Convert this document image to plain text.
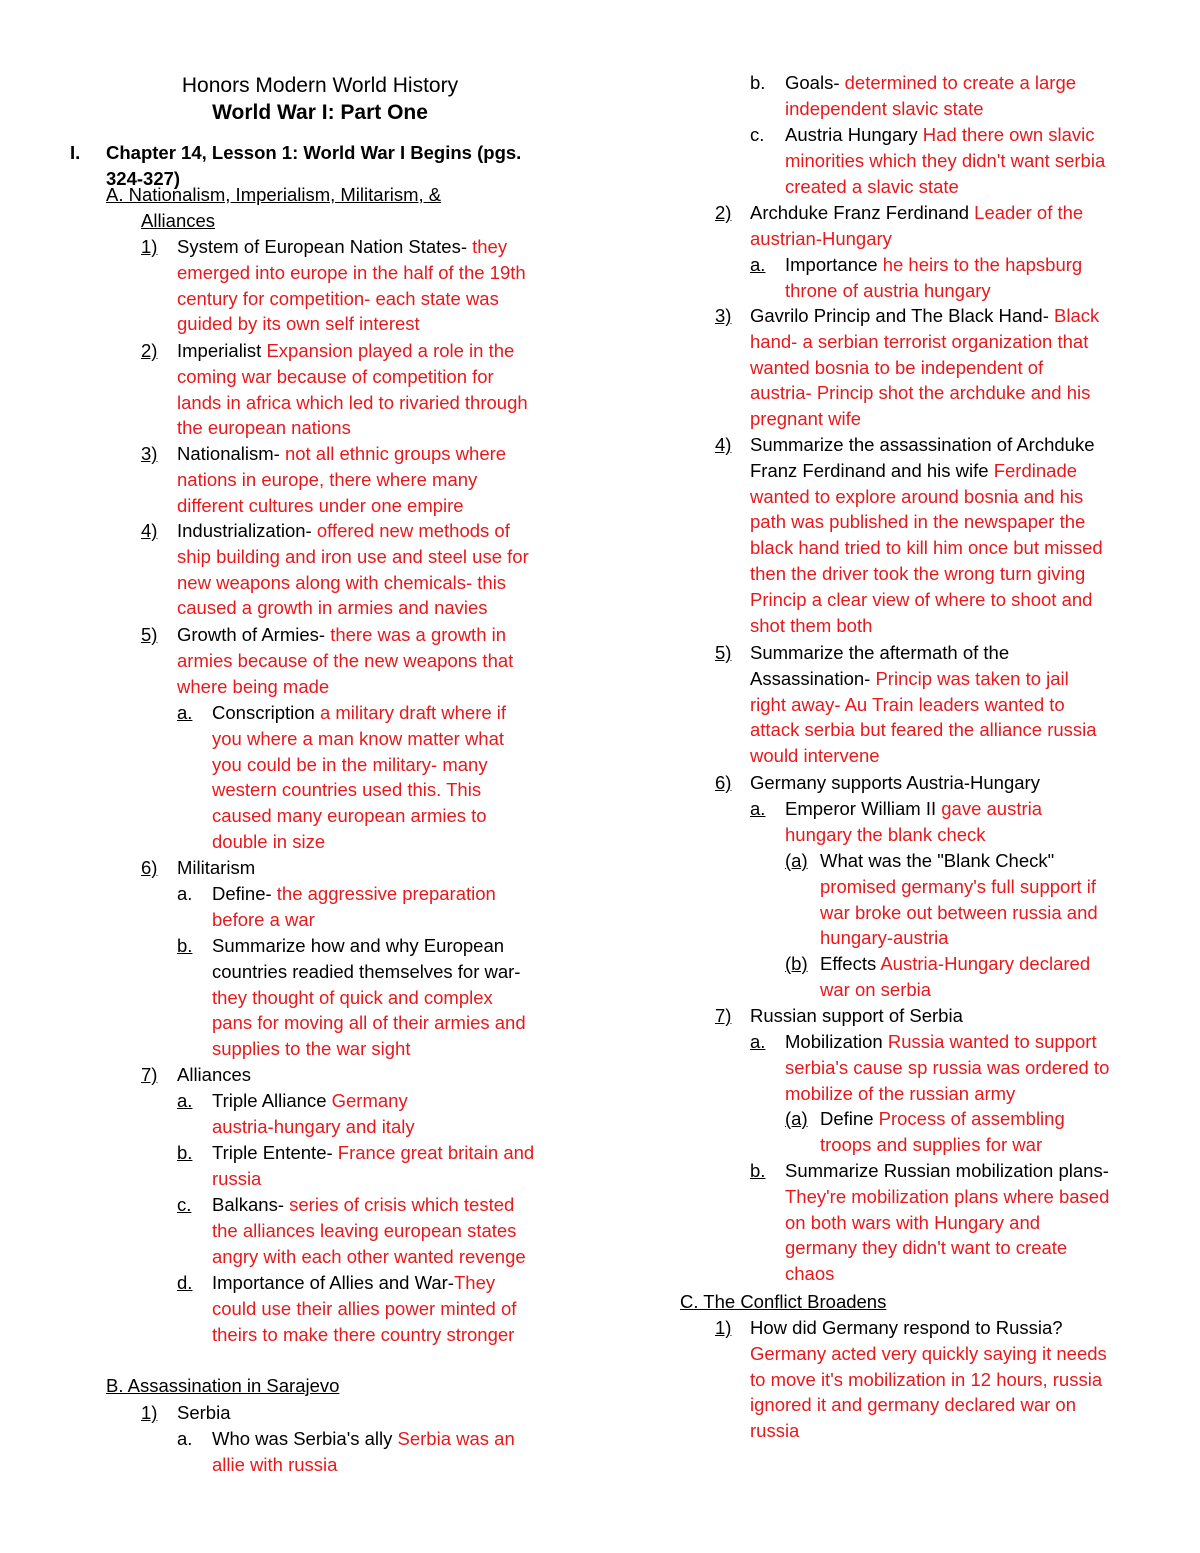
Honors Modern World History
World War I: Part One
I. Chapter 14, Lesson 1: World War I Begins (pgs.
324-327)
A. Nationalism, Imperialism, Militarism, &
Alliances
B. Assassination in Sarajevo
C. The Conflict Broadens
1)	System of European Nation States- they
emerged into europe in the half of the 19th
century for competition- each state was
guided by its own self interest
2)	Imperialist Expansion played a role in the
coming war because of competition for
lands in africa which led to rivaried through
the european nations
3)	Nationalism- not all ethnic groups where
nations in europe, there where many
different cultures under one empire
4)	Industrialization- offered new methods of
ship building and iron use and steel use for
new weapons along with chemicals- this
caused a growth in armies and navies
5)	Growth of Armies- there was a growth in
armies because of the new weapons that
where being made
a.	Conscription a military draft where if
you where a man know matter what
you could be in the military- many
western countries used this. This
caused many european armies to
double in size
6)	Militarism
a.	Define- the aggressive preparation
before a war
b.	Summarize how and why European
countries readied themselves for war-
they thought of quick and complex
pans for moving all of their armies and
supplies to the war sight
7)	Alliances
a.	Triple Alliance Germany
austria-hungary and italy
b.	Triple Entente- France great britain and
russia
c.	Balkans- series of crisis which tested
the alliances leaving european states
angry with each other wanted revenge
d.	Importance of Allies and War-They
could use their allies power minted of
theirs to make there country stronger
1)	Serbia
a.	Who was Serbia's ally Serbia was an
allie with russia
b.	Goals- determined to create a large
independent slavic state
c.	Austria Hungary Had there own slavic
minorities which they didn't want serbia
created a slavic state
2)	Archduke Franz Ferdinand Leader of the
austrian-Hungary
a.	Importance he heirs to the hapsburg
throne of austria hungary
3)	Gavrilo Princip and The Black Hand- Black
hand- a serbian terrorist organization that
wanted bosnia to be independent of
austria- Princip shot the archduke and his
pregnant wife
4)	Summarize the assassination of Archduke
Franz Ferdinand and his wife Ferdinade
wanted to explore around bosnia and his
path was published in the newspaper the
black hand tried to kill him once but missed
then the driver took the wrong turn giving
Princip a clear view of where to shoot and
shot them both
5)	Summarize the aftermath of the
Assassination- Princip was taken to jail
right away- Au Train leaders wanted to
attack serbia but feared the alliance russia
would intervene
6)	Germany supports Austria-Hungary
a.	Emperor William II gave austria
hungary the blank check
(a) What was the "Blank Check"
promised germany's full support if
war broke out between russia and
hungary-austria
(b) Effects Austria-Hungary declared
war on serbia
7)	Russian support of Serbia
a.	Mobilization Russia wanted to support
serbia's cause sp russia was ordered to
mobilize of the russian army
(a) Define Process of assembling
troops and supplies for war
b.	Summarize Russian mobilization plans-
They're mobilization plans where based
on both wars with Hungary and
germany they didn't want to create
chaos
1)	How did Germany respond to Russia?
Germany acted very quickly saying it needs
to move it's mobilization in 12 hours, russia
ignored it and germany declared war on
russia
